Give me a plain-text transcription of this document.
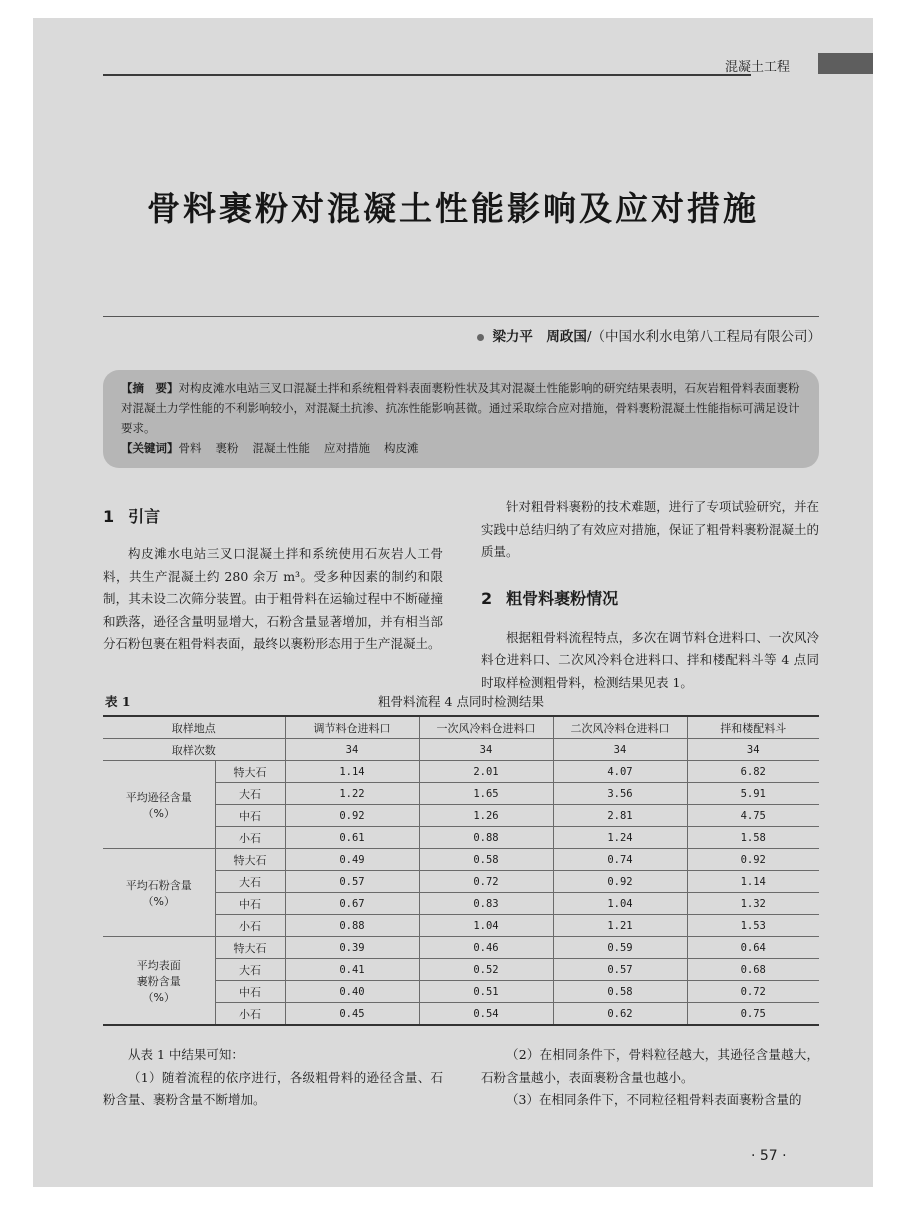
混凝土工程
骨料裹粉对混凝土性能影响及应对措施
梁力平　周政国/（中国水利水电第八工程局有限公司）

【摘　要】对构皮滩水电站三叉口混凝土拌和系统粗骨料表面裹粉性状及其对混凝土性能影响的研究结果表明，石灰岩粗骨料表面裹粉对混凝土力学性能的不利影响较小，对混凝土抗渗、抗冻性能影响甚微。通过采取综合应对措施，骨料裹粉混凝土性能指标可满足设计要求。

【关键词】骨料 裹粉 混凝土性能 应对措施 构皮滩

1 引言

构皮滩水电站三叉口混凝土拌和系统使用石灰岩人工骨料，共生产混凝土约 280 余万 m³。受多种因素的制约和限制，其未设二次筛分装置。由于粗骨料在运输过程中不断碰撞和跌落，逊径含量明显增大，石粉含量显著增加，并有相当部分石粉包裹在粗骨料表面，最终以裹粉形态用于生产混凝土。

针对粗骨料裹粉的技术难题，进行了专项试验研究，并在实践中总结归纳了有效应对措施，保证了粗骨料裹粉混凝土的质量。

2 粗骨料裹粉情况

根据粗骨料流程特点，多次在调节料仓进料口、一次风冷料仓进料口、二次风冷料仓进料口、拌和楼配料斗等 4 点同时取样检测粗骨料，检测结果见表 1。

表 1	粗骨料流程 4 点同时检测结果
取样地点		调节料仓进料口	一次风冷料仓进料口	二次风冷料仓进料口	拌和楼配料斗
取样次数		34	34	34	34
平均逊径含量
（%）	特大石	1.14	2.01	4.07	6.82
	大石	1.22	1.65	3.56	5.91
	中石	0.92	1.26	2.81	4.75
	小石	0.61	0.88	1.24	1.58
平均石粉含量
（%）	特大石	0.49	0.58	0.74	0.92
	大石	0.57	0.72	0.92	1.14
	中石	0.67	0.83	1.04	1.32
	小石	0.88	1.04	1.21	1.53
平均表面
裹粉含量
（%）	特大石	0.39	0.46	0.59	0.64
	大石	0.41	0.52	0.57	0.68
	中石	0.40	0.51	0.58	0.72
	小石	0.45	0.54	0.62	0.75

从表 1 中结果可知：

（1）随着流程的依序进行，各级粗骨料的逊径含量、石粉含量、裹粉含量不断增加。

（2）在相同条件下，骨料粒径越大，其逊径含量越大，石粉含量越小，表面裹粉含量也越小。

（3）在相同条件下，不同粒径粗骨料表面裹粉含量的

· 57 ·
